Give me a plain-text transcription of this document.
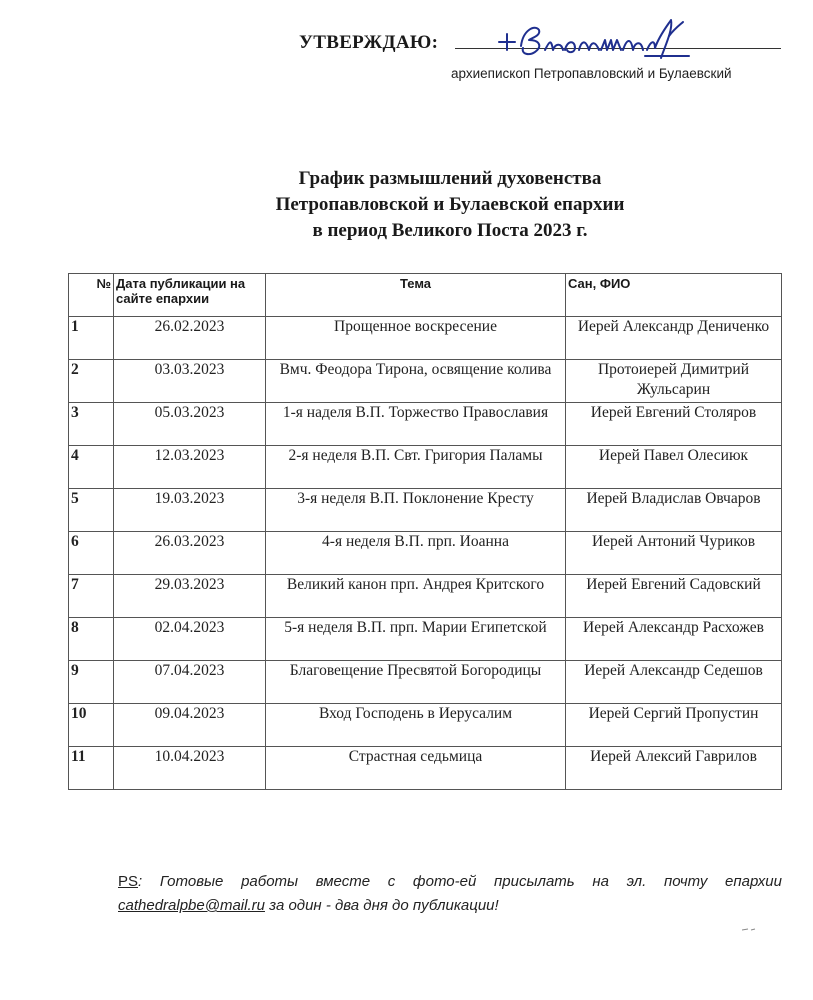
УТВЕРЖДАЮ:
архиепископ Петропавловский и Булаевский
График размышлений духовенства
Петропавловской и Булаевской епархии
в период Великого Поста 2023 г.
№	Дата публикации на сайте епархии	Тема	Сан, ФИО
1	26.02.2023	Прощенное воскресение	Иерей Александр Дениченко
2	03.03.2023	Вмч. Феодора Тирона, освящение колива	Протоиерей Димитрий Жульсарин
3	05.03.2023	1-я наделя В.П. Торжество Православия	Иерей Евгений Столяров
4	12.03.2023	2-я неделя В.П. Свт. Григория Паламы	Иерей Павел Олесиюк
5	19.03.2023	3-я неделя В.П. Поклонение Кресту	Иерей Владислав Овчаров
6	26.03.2023	4-я неделя В.П. прп. Иоанна	Иерей Антоний Чуриков
7	29.03.2023	Великий канон прп. Андрея Критского	Иерей Евгений Садовский
8	02.04.2023	5-я неделя В.П. прп. Марии Египетской	Иерей Александр Расхожев
9	07.04.2023	Благовещение Пресвятой Богородицы	Иерей Александр Седешов
10	09.04.2023	Вход Господень в Иерусалим	Иерей Сергий Пропустин
11	10.04.2023	Страстная седьмица	Иерей Алексий Гаврилов
PS: Готовые работы вместе с фото-ей присылать на эл. почту епархии cathedralpbe@mail.ru за один - два дня до публикации!
